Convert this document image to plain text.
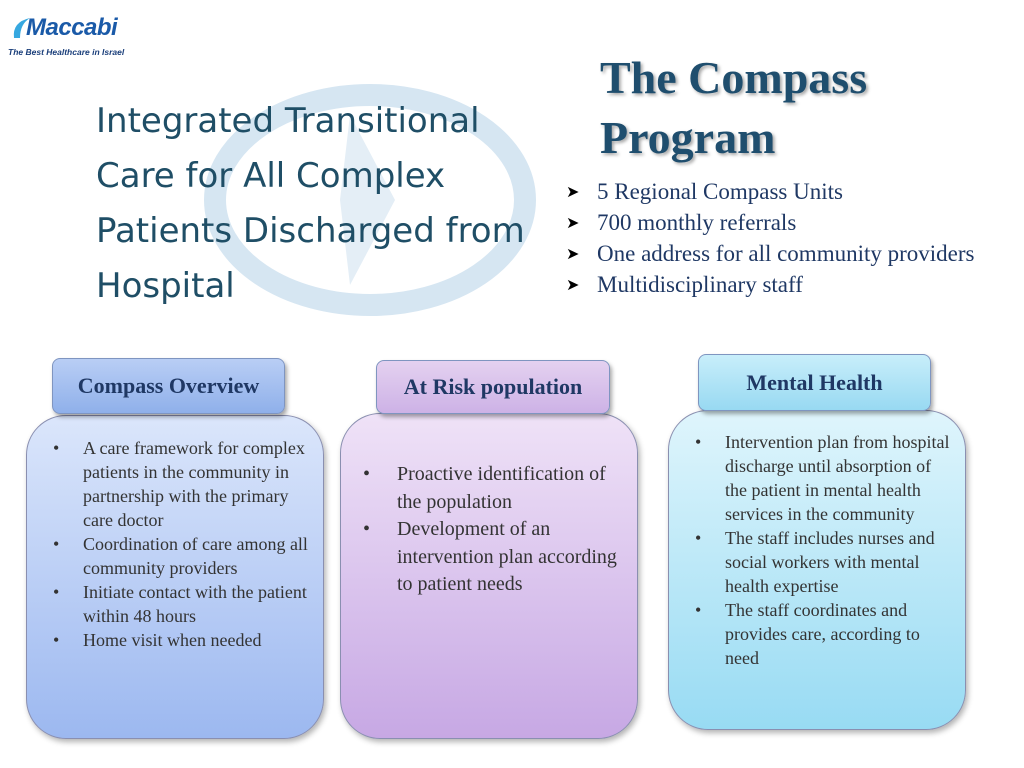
Maccabi
The Best Healthcare in Israel
Integrated Transitional Care for All Complex Patients Discharged from Hospital
The Compass Program
➤ 5 Regional Compass Units
➤ 700 monthly referrals
➤ One address for all community providers
➤ Multidisciplinary staff
• A care framework for complex patients in the community in partnership with the primary care doctor
• Coordination of care among all community providers
• Initiate contact with the patient within 48 hours
• Home visit when needed
Compass Overview
• Proactive identification of the population
• Development of an intervention plan according to patient needs
At Risk population
• Intervention plan from hospital discharge until absorption of the patient in mental health services in the community
• The staff includes nurses and social workers with mental health expertise
• The staff coordinates and provides care, according to need
Mental Health
